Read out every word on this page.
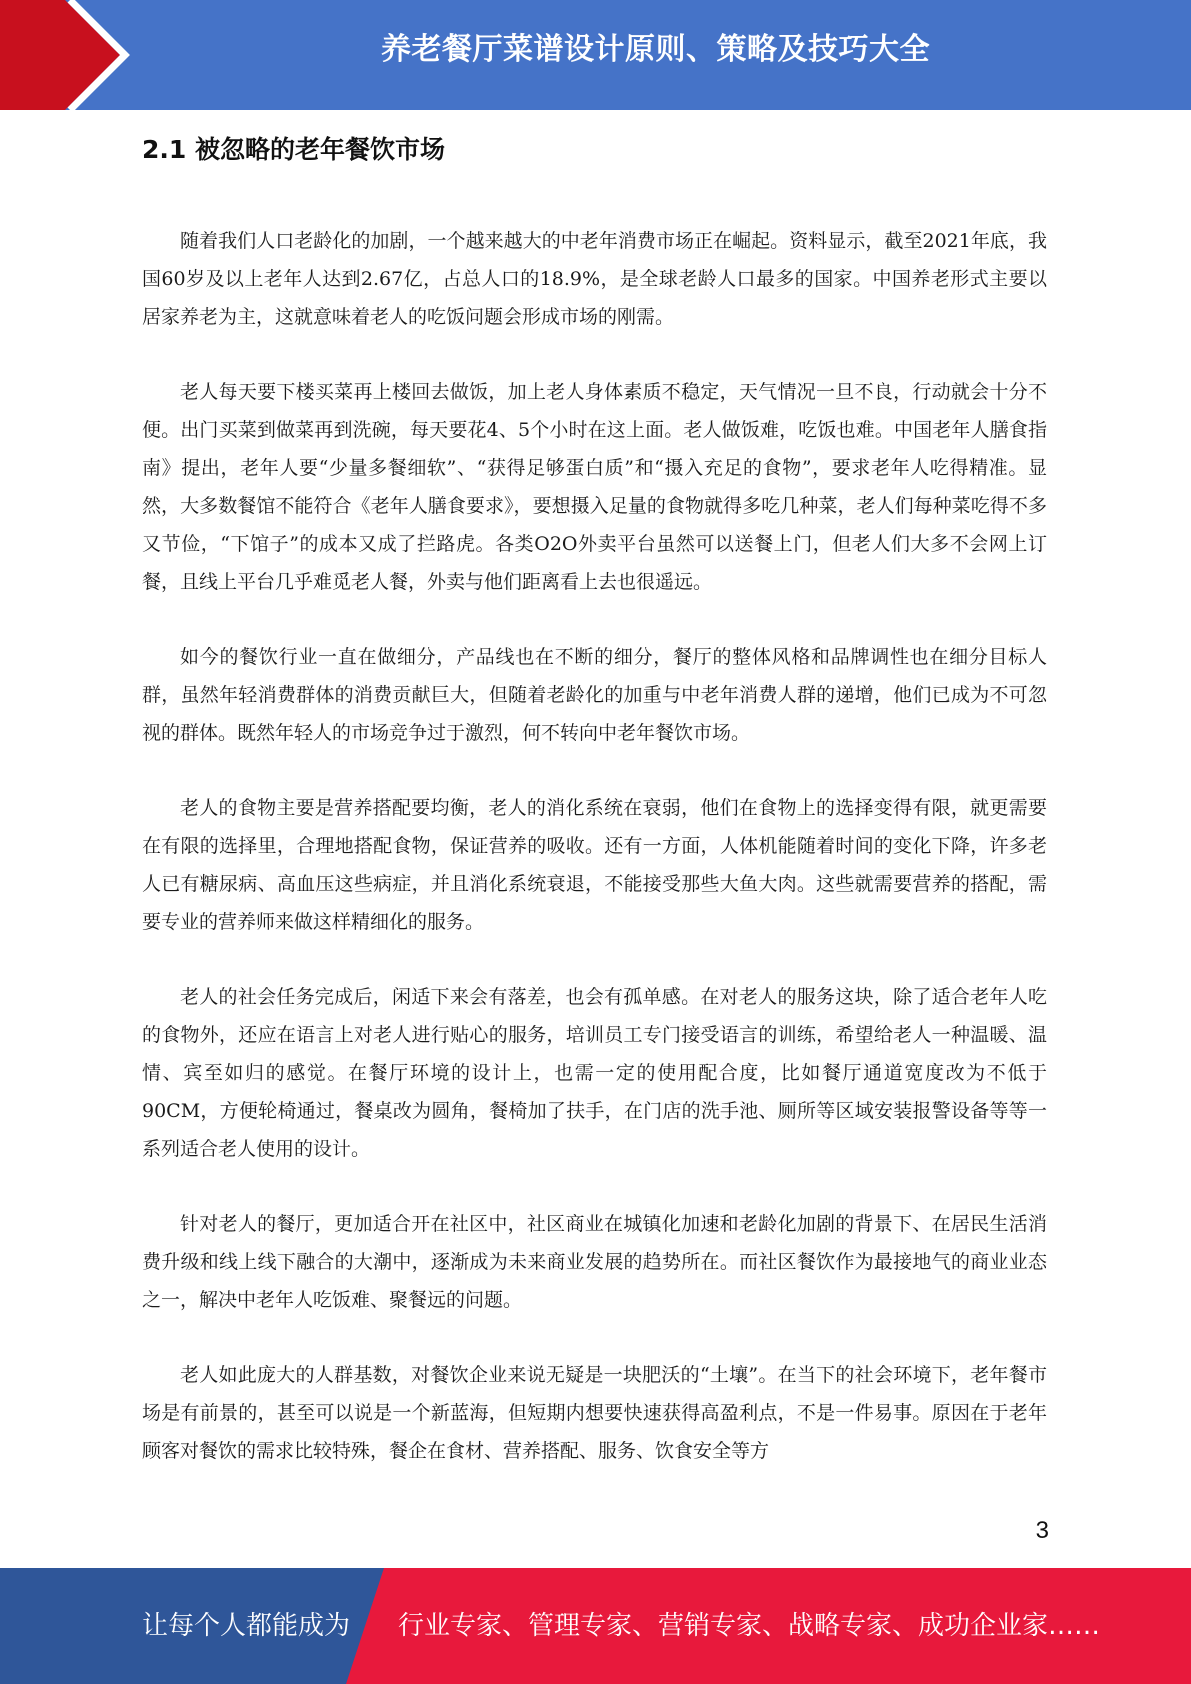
养老餐厅菜谱设计原则、策略及技巧大全
2.1 被忽略的老年餐饮市场

随着我们人口老龄化的加剧，一个越来越大的中老年消费市场正在崛起。资料显示，截至2021年底，我国60岁及以上老年人达到2.67亿，占总人口的18.9%，是全球老龄人口最多的国家。中国养老形式主要以居家养老为主，这就意味着老人的吃饭问题会形成市场的刚需。

老人每天要下楼买菜再上楼回去做饭，加上老人身体素质不稳定，天气情况一旦不良，行动就会十分不便。出门买菜到做菜再到洗碗，每天要花4、5个小时在这上面。老人做饭难，吃饭也难。中国老年人膳食指南》提出，老年人要“少量多餐细软”、“获得足够蛋白质”和“摄入充足的食物”，要求老年人吃得精准。显然，大多数餐馆不能符合《老年人膳食要求》，要想摄入足量的食物就得多吃几种菜，老人们每种菜吃得不多又节俭，“下馆子”的成本又成了拦路虎。各类O2O外卖平台虽然可以送餐上门，但老人们大多不会网上订餐，且线上平台几乎难觅老人餐，外卖与他们距离看上去也很遥远。

如今的餐饮行业一直在做细分，产品线也在不断的细分，餐厅的整体风格和品牌调性也在细分目标人群，虽然年轻消费群体的消费贡献巨大，但随着老龄化的加重与中老年消费人群的递增，他们已成为不可忽视的群体。既然年轻人的市场竞争过于激烈，何不转向中老年餐饮市场。

老人的食物主要是营养搭配要均衡，老人的消化系统在衰弱，他们在食物上的选择变得有限，就更需要在有限的选择里，合理地搭配食物，保证营养的吸收。还有一方面，人体机能随着时间的变化下降，许多老人已有糖尿病、高血压这些病症，并且消化系统衰退，不能接受那些大鱼大肉。这些就需要营养的搭配，需要专业的营养师来做这样精细化的服务。

老人的社会任务完成后，闲适下来会有落差，也会有孤单感。在对老人的服务这块，除了适合老年人吃的食物外，还应在语言上对老人进行贴心的服务，培训员工专门接受语言的训练，希望给老人一种温暖、温情、宾至如归的感觉。在餐厅环境的设计上，也需一定的使用配合度，比如餐厅通道宽度改为不低于90CM，方便轮椅通过，餐桌改为圆角，餐椅加了扶手，在门店的洗手池、厕所等区域安装报警设备等等一系列适合老人使用的设计。

针对老人的餐厅，更加适合开在社区中，社区商业在城镇化加速和老龄化加剧的背景下、在居民生活消费升级和线上线下融合的大潮中，逐渐成为未来商业发展的趋势所在。而社区餐饮作为最接地气的商业业态之一，解决中老年人吃饭难、聚餐远的问题。

老人如此庞大的人群基数，对餐饮企业来说无疑是一块肥沃的“土壤”。在当下的社会环境下，老年餐市场是有前景的，甚至可以说是一个新蓝海，但短期内想要快速获得高盈利点，不是一件易事。原因在于老年顾客对餐饮的需求比较特殊，餐企在食材、营养搭配、服务、饮食安全等方

3
让每个人都能成为 行业专家、管理专家、营销专家、战略专家、成功企业家……
